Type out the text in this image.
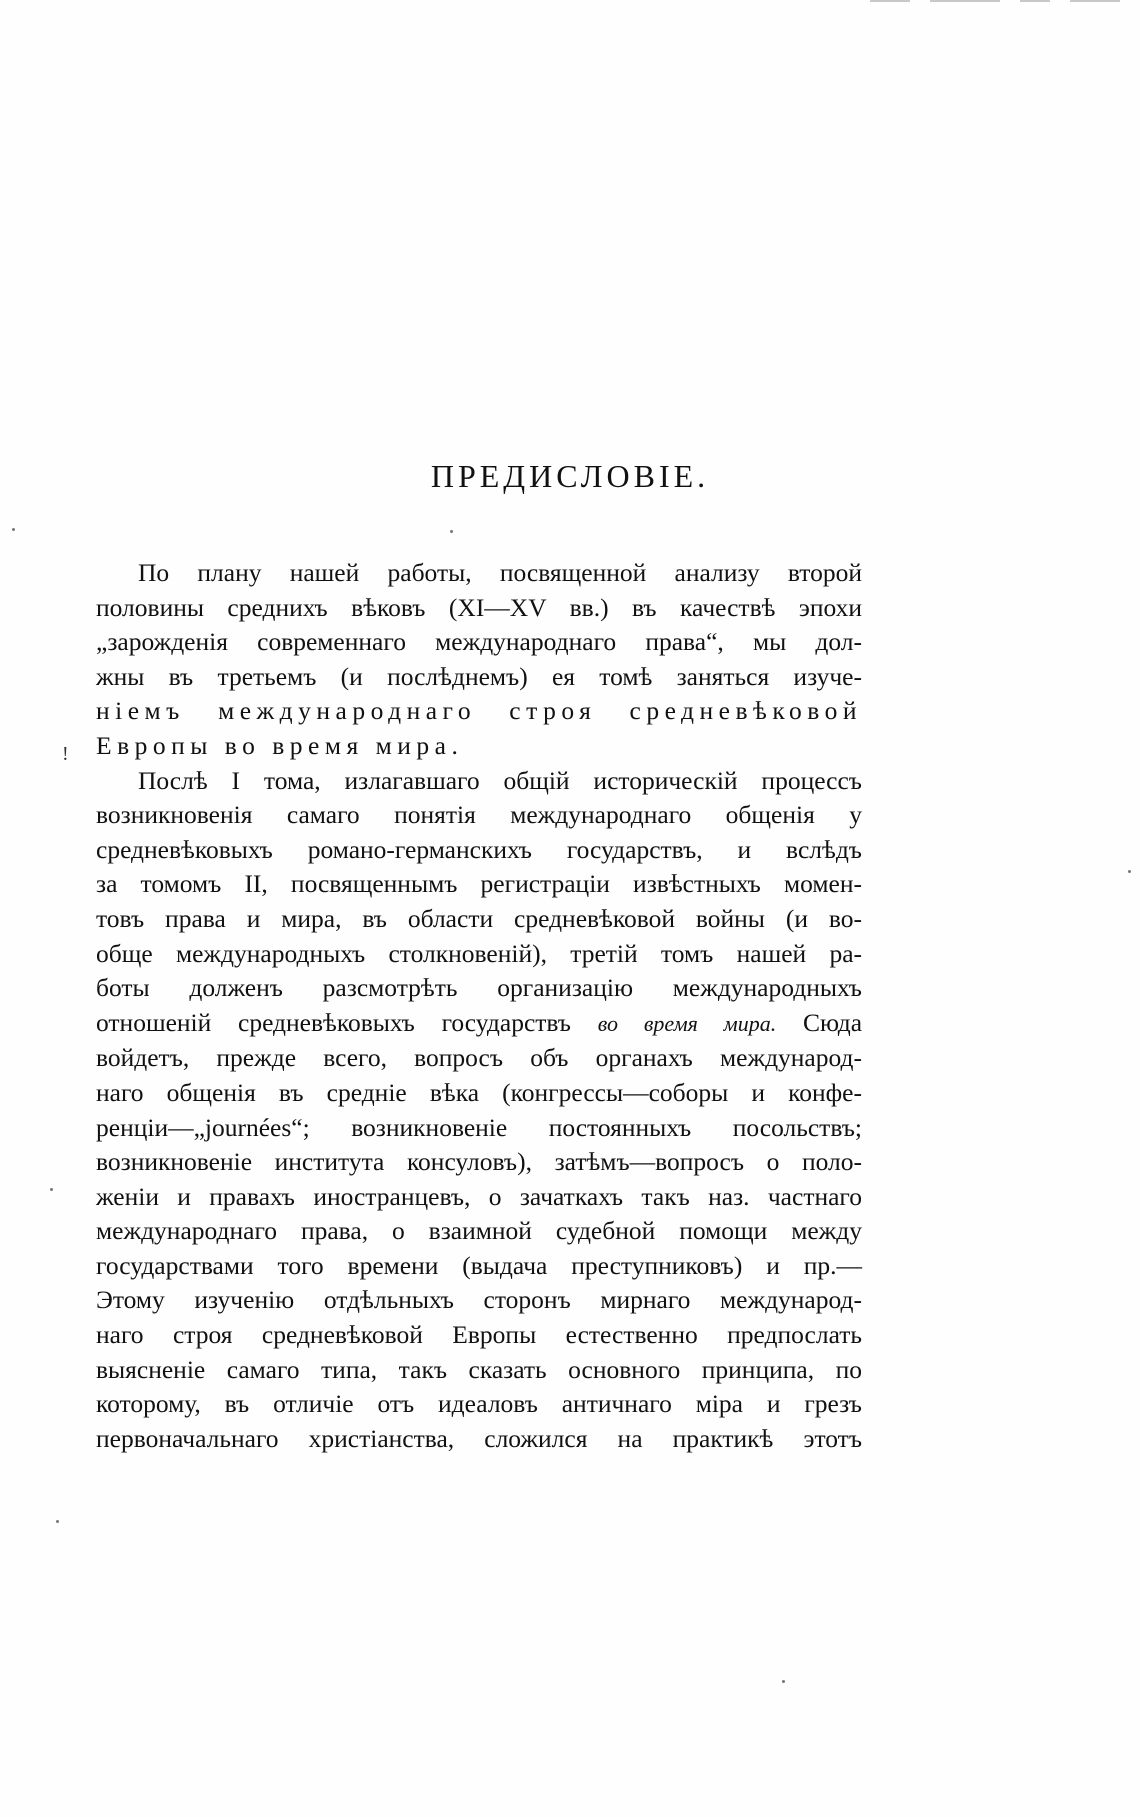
ПРЕДИСЛОВІЕ.
!
По плану нашей работы, посвященной анализу второй
половины среднихъ вѣковъ (XI—XV вв.) въ качествѣ эпохи
„зарожденія современнаго международнаго права“, мы дол-
жны въ третьемъ (и послѣднемъ) ея томѣ заняться изуче-
ніемъ международнаго строя средневѣковой
Европы во время мира.
Послѣ I тома, излагавшаго общій историческій процессъ
возникновенія самаго понятія международнаго общенія у
средневѣковыхъ романо-германскихъ государствъ, и вслѣдъ
за томомъ II, посвященнымъ регистраціи извѣстныхъ момен-
товъ права и мира, въ области средневѣковой войны (и во-
обще международныхъ столкновеній), третій томъ нашей ра-
боты долженъ разсмотрѣть организацію международныхъ
отношеній средневѣковыхъ государствъ во время мира. Сюда
войдетъ, прежде всего, вопросъ объ органахъ международ-
наго общенія въ средніе вѣка (конгрессы—соборы и конфе-
ренціи—„journées“; возникновеніе постоянныхъ посольствъ;
возникновеніе института консуловъ), затѣмъ—вопросъ о поло-
женіи и правахъ иностранцевъ, о зачаткахъ такъ наз. частнаго
международнаго права, о взаимной судебной помощи между
государствами того времени (выдача преступниковъ) и пр.—
Этому изученію отдѣльныхъ сторонъ мирнаго международ-
наго строя средневѣковой Европы естественно предпослать
выясненіе самаго типа, такъ сказать основного принципа, по
которому, въ отличіе отъ идеаловъ античнаго міра и грезъ
первоначальнаго христіанства, сложился на практикѣ этотъ
